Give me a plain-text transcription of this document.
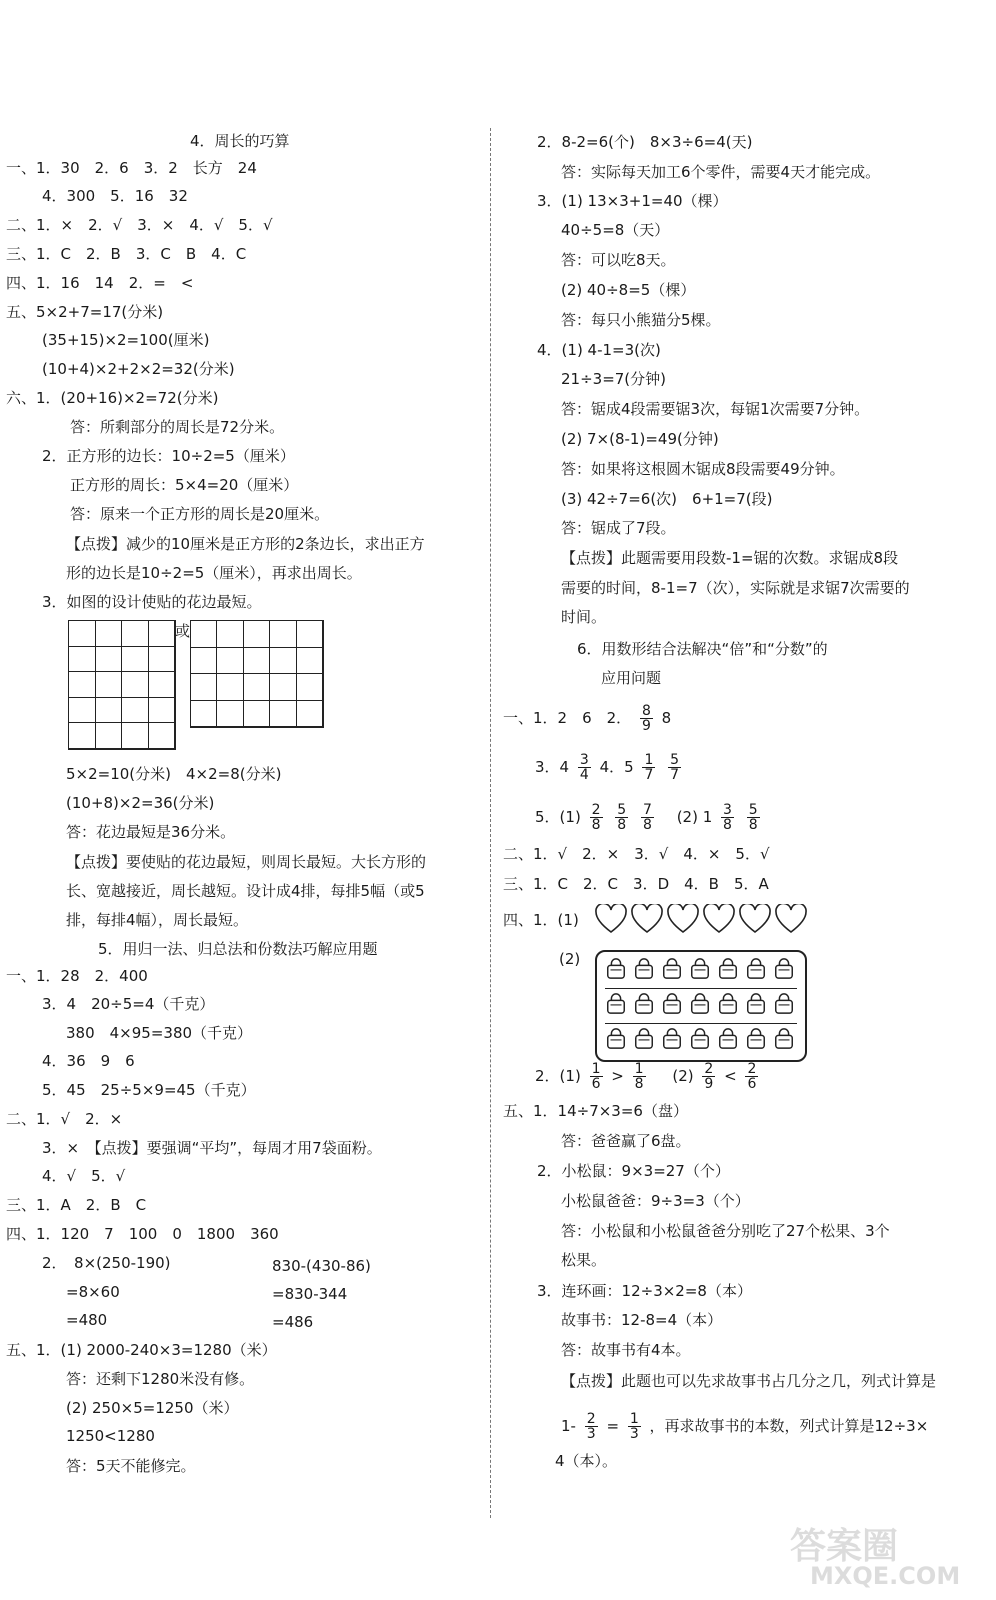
4．周长的巧算
一、1．30　2．6　3．2　长方　24
4．300　5．16　32
二、1．×　2．√　3．×　4．√　5．√
三、1．C　2．B　3．C　B　4．C
四、1．16　14　2．=　<
五、5×2+7=17(分米)
(35+15)×2=100(厘米)
(10+4)×2+2×2=32(分米)
六、1．(20+16)×2=72(分米)
答：所剩部分的周长是72分米。
2．正方形的边长：10÷2=5（厘米）
正方形的周长：5×4=20（厘米）
答：原来一个正方形的周长是20厘米。
【点拨】减少的10厘米是正方形的2条边长，求出正方
形的边长是10÷2=5（厘米），再求出周长。
3．如图的设计使贴的花边最短。
或
5×2=10(分米)　4×2=8(分米)
(10+8)×2=36(分米)
答：花边最短是36分米。
【点拨】要使贴的花边最短，则周长最短。大长方形的
长、宽越接近，周长越短。设计成4排，每排5幅（或5
排，每排4幅），周长最短。
5．用归一法、归总法和份数法巧解应用题
一、1．28　2．400
3．4　20÷5=4（千克）
380　4×95=380（千克）
4．36　9　6
5．45　25÷5×9=45（千克）
二、1．√　2．×
3．×　【点拨】要强调“平均”，每周才用7袋面粉。
4．√　5．√
三、1．A　2．B　C
四、1．120　7　100　0　1800　360
2．　8×(250-190)	830-(430-86)
=8×60	=830-344
=480	=486
五、1．(1) 2000-240×3=1280（米）
答：还剩下1280米没有修。
(2) 250×5=1250（米）
1250<1280
答：5天不能修完。
2．8-2=6(个)　8×3÷6=4(天)
答：实际每天加工6个零件，需要4天才能完成。
3．(1) 13×3+1=40（棵）
40÷5=8（天）
答：可以吃8天。
(2) 40÷8=5（棵）
答：每只小熊猫分5棵。
4．(1) 4-1=3(次)
21÷3=7(分钟)
答：锯成4段需要锯3次，每锯1次需要7分钟。
(2) 7×(8-1)=49(分钟)
答：如果将这根圆木锯成8段需要49分钟。
(3) 42÷7=6(次)　6+1=7(段)
答：锯成了7段。
【点拨】此题需要用段数-1=锯的次数。求锯成8段
需要的时间，8-1=7（次），实际就是求锯7次需要的
时间。
6．用数形结合法解决“倍”和“分数”的
应用问题
一、1．2　6　2． $\frac{8}{9} 8$
3．$4 \frac{3}{4} 4$．$5 \frac{1}{7}$
$\frac{5}{7}$
5．$(1) \frac{2}{8}$
$\frac{5}{8}$
$\frac{7}{8} (2)$ $1 \frac{3}{8}$
$\frac{5}{8}$
二、1．√　2．×　3．√　4．×　5．√
三、1．C　2．C　3．D　4．B　5．A
四、1．(1)
(2)
2．$(1) \frac{1}{6} > \frac{1}{8} (2) \frac{2}{9} < \frac{2}{6}$
五、1．14÷7×3=6（盘）
答：爸爸赢了6盘。
2．小松鼠：9×3=27（个）
小松鼠爸爸：9÷3=3（个）
答：小松鼠和小松鼠爸爸分别吃了27个松果、3个
松果。
3．连环画：12÷3×2=8（本）
故事书：12-8=4（本）
答：故事书有4本。
【点拨】此题也可以先求故事书占几分之几，列式计算是
$1- \frac{2}{3} = \frac{1}{3}$ ，再求故事书的本数，列式计算是12÷3×
4（本）。
答案圈
MXQE.COM
